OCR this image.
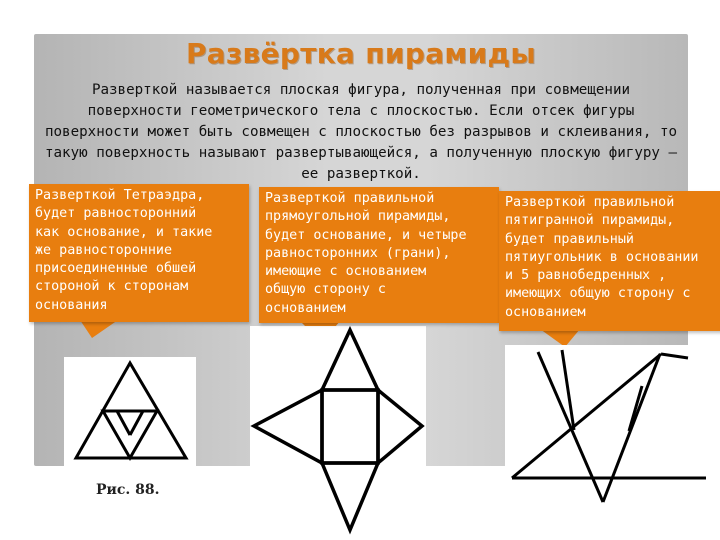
Развёртка пирамиды
Разверткой называется плоская фигура, полученная при совмещении поверхности геометрического тела с плоскостью. Если отсек фигуры поверхности может быть совмещен с плоскостью без разрывов и склеивания, то такую поверхность называют развертывающейся, а полученную плоскую фигуру — ее разверткой.
Разверткой Тетраэдра,
будет равносторонний
как основание, и такие
же равносторонние
присоединенные обшей
стороной к сторонам
основания
Разверткой правильной
прямоугольной пирамиды,
будет основание, и четыре
равносторонних (грани),
имеющие с основанием
общую сторону с
основанием
Разверткой правильной
пятигранной пирамиды,
будет правильный
пятиугольник в основании
и 5 равнобедренных ,
имеющих общую сторону с
основанием
Рис. 88.
